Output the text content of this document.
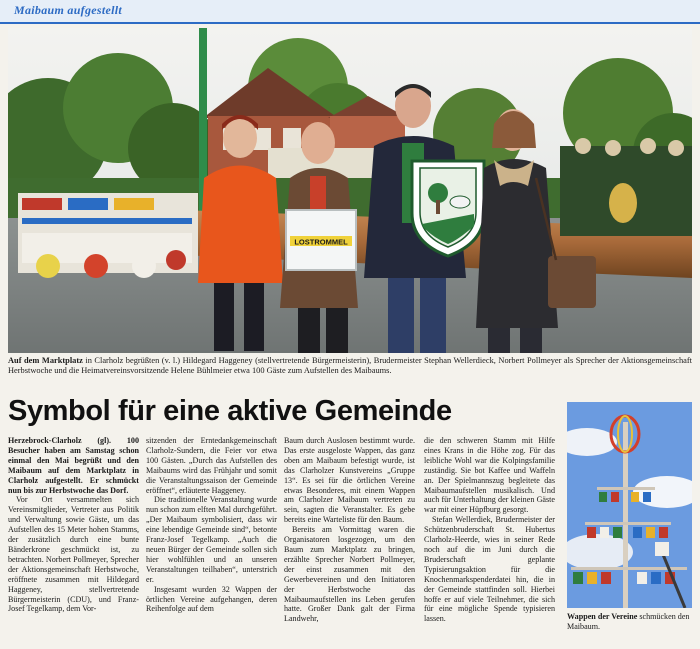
Maibaum aufgestellt
LOSTROMMEL
Auf dem Marktplatz in Clarholz begrüßten (v. l.) Hildegard Haggeney (stellvertretende Bürgermeisterin), Brudermeister Stephan Wellerdieck, Norbert Pollmeyer als Sprecher der Aktionsgemeinschaft Herbstwoche und die Heimatvereinsvorsitzende Helene Bühlmeier etwa 100 Gäste zum Aufstellen des Maibaums.
Symbol für eine aktive Gemeinde

Herzebrock-Clarholz (gl). 100 Besucher haben am Samstag schon einmal den Mai begrüßt und den Maibaum auf dem Marktplatz in Clarholz aufgestellt. Er schmückt nun bis zur Herbstwoche das Dorf.

Vor Ort versammelten sich Vereinsmitglieder, Vertreter aus Politik und Verwaltung sowie Gäste, um das Aufstellen des 15 Meter hohen Stamms, der zusätzlich durch eine bunte Bänderkrone geschmückt ist, zu betrachten. Norbert Pollmeyer, Sprecher der Aktionsgemeinschaft Herbstwoche, eröffnete zusammen mit Hildegard Haggeney, stellvertretende Bürgermeisterin (CDU), und Franz-Josef Tegelkamp, dem Vor-

sitzenden der Erntedankgemeinschaft Clarholz-Sundern, die Feier vor etwa 100 Gästen. „Durch das Aufstellen des Maibaums wird das Frühjahr und somit die Veranstaltungssaison der Gemeinde eröffnet“, erläuterte Haggeney.

Die traditionelle Veranstaltung wurde nun schon zum elften Mal durchgeführt. „Der Maibaum symbolisiert, dass wir eine lebendige Gemeinde sind“, betonte Franz-Josef Tegelkamp. „Auch die neuen Bürger der Gemeinde sollen sich hier wohlfühlen und an unseren Veranstaltungen teilhaben“, unterstrich er.

Insgesamt wurden 32 Wappen der örtlichen Vereine aufgehangen, deren Reihenfolge auf dem

Baum durch Auslosen bestimmt wurde. Das erste ausgeloste Wappen, das ganz oben am Maibaum befestigt wurde, ist das Clarholzer Kunstvereins „Gruppe 13“. Es sei für die örtlichen Vereine etwas Besonderes, mit einem Wappen am Clarholzer Maibaum vertreten zu sein, sagten die Veranstalter. Es gebe bereits eine Warteliste für den Baum.

Bereits am Vormittag waren die Organisatoren losgezogen, um den Baum zum Marktplatz zu bringen, erzählte Sprecher Norbert Pollmeyer, der einst zusammen mit den Gewerbevereinen und den Initiatoren der Herbstwoche das Maibaumaufstellen ins Leben gerufen hatte. Großer Dank galt der Firma Landwehr,

die den schweren Stamm mit Hilfe eines Krans in die Höhe zog. Für das leibliche Wohl war die Kolpingsfamilie zuständig. Sie bot Kaffee und Waffeln an. Der Spielmannszug begleitete das Maibaumaufstellen musikalisch. Und auch für Unterhaltung der kleinen Gäste war mit einer Hüpfburg gesorgt.

Stefan Wellerdiek, Brudermeister der Schützenbruderschaft St. Hubertus Clarholz-Heerde, wies in seiner Rede noch auf die im Juni durch die Bruderschaft geplante Typisierungsaktion für die Knochenmarkspenderdatei hin, die in der Gemeinde stattfinden soll. Hierbei hoffe er auf viele Teilnehmer, die sich für eine mögliche Spende typisieren lassen.	Wappen der Vereine schmücken den Maibaum.
